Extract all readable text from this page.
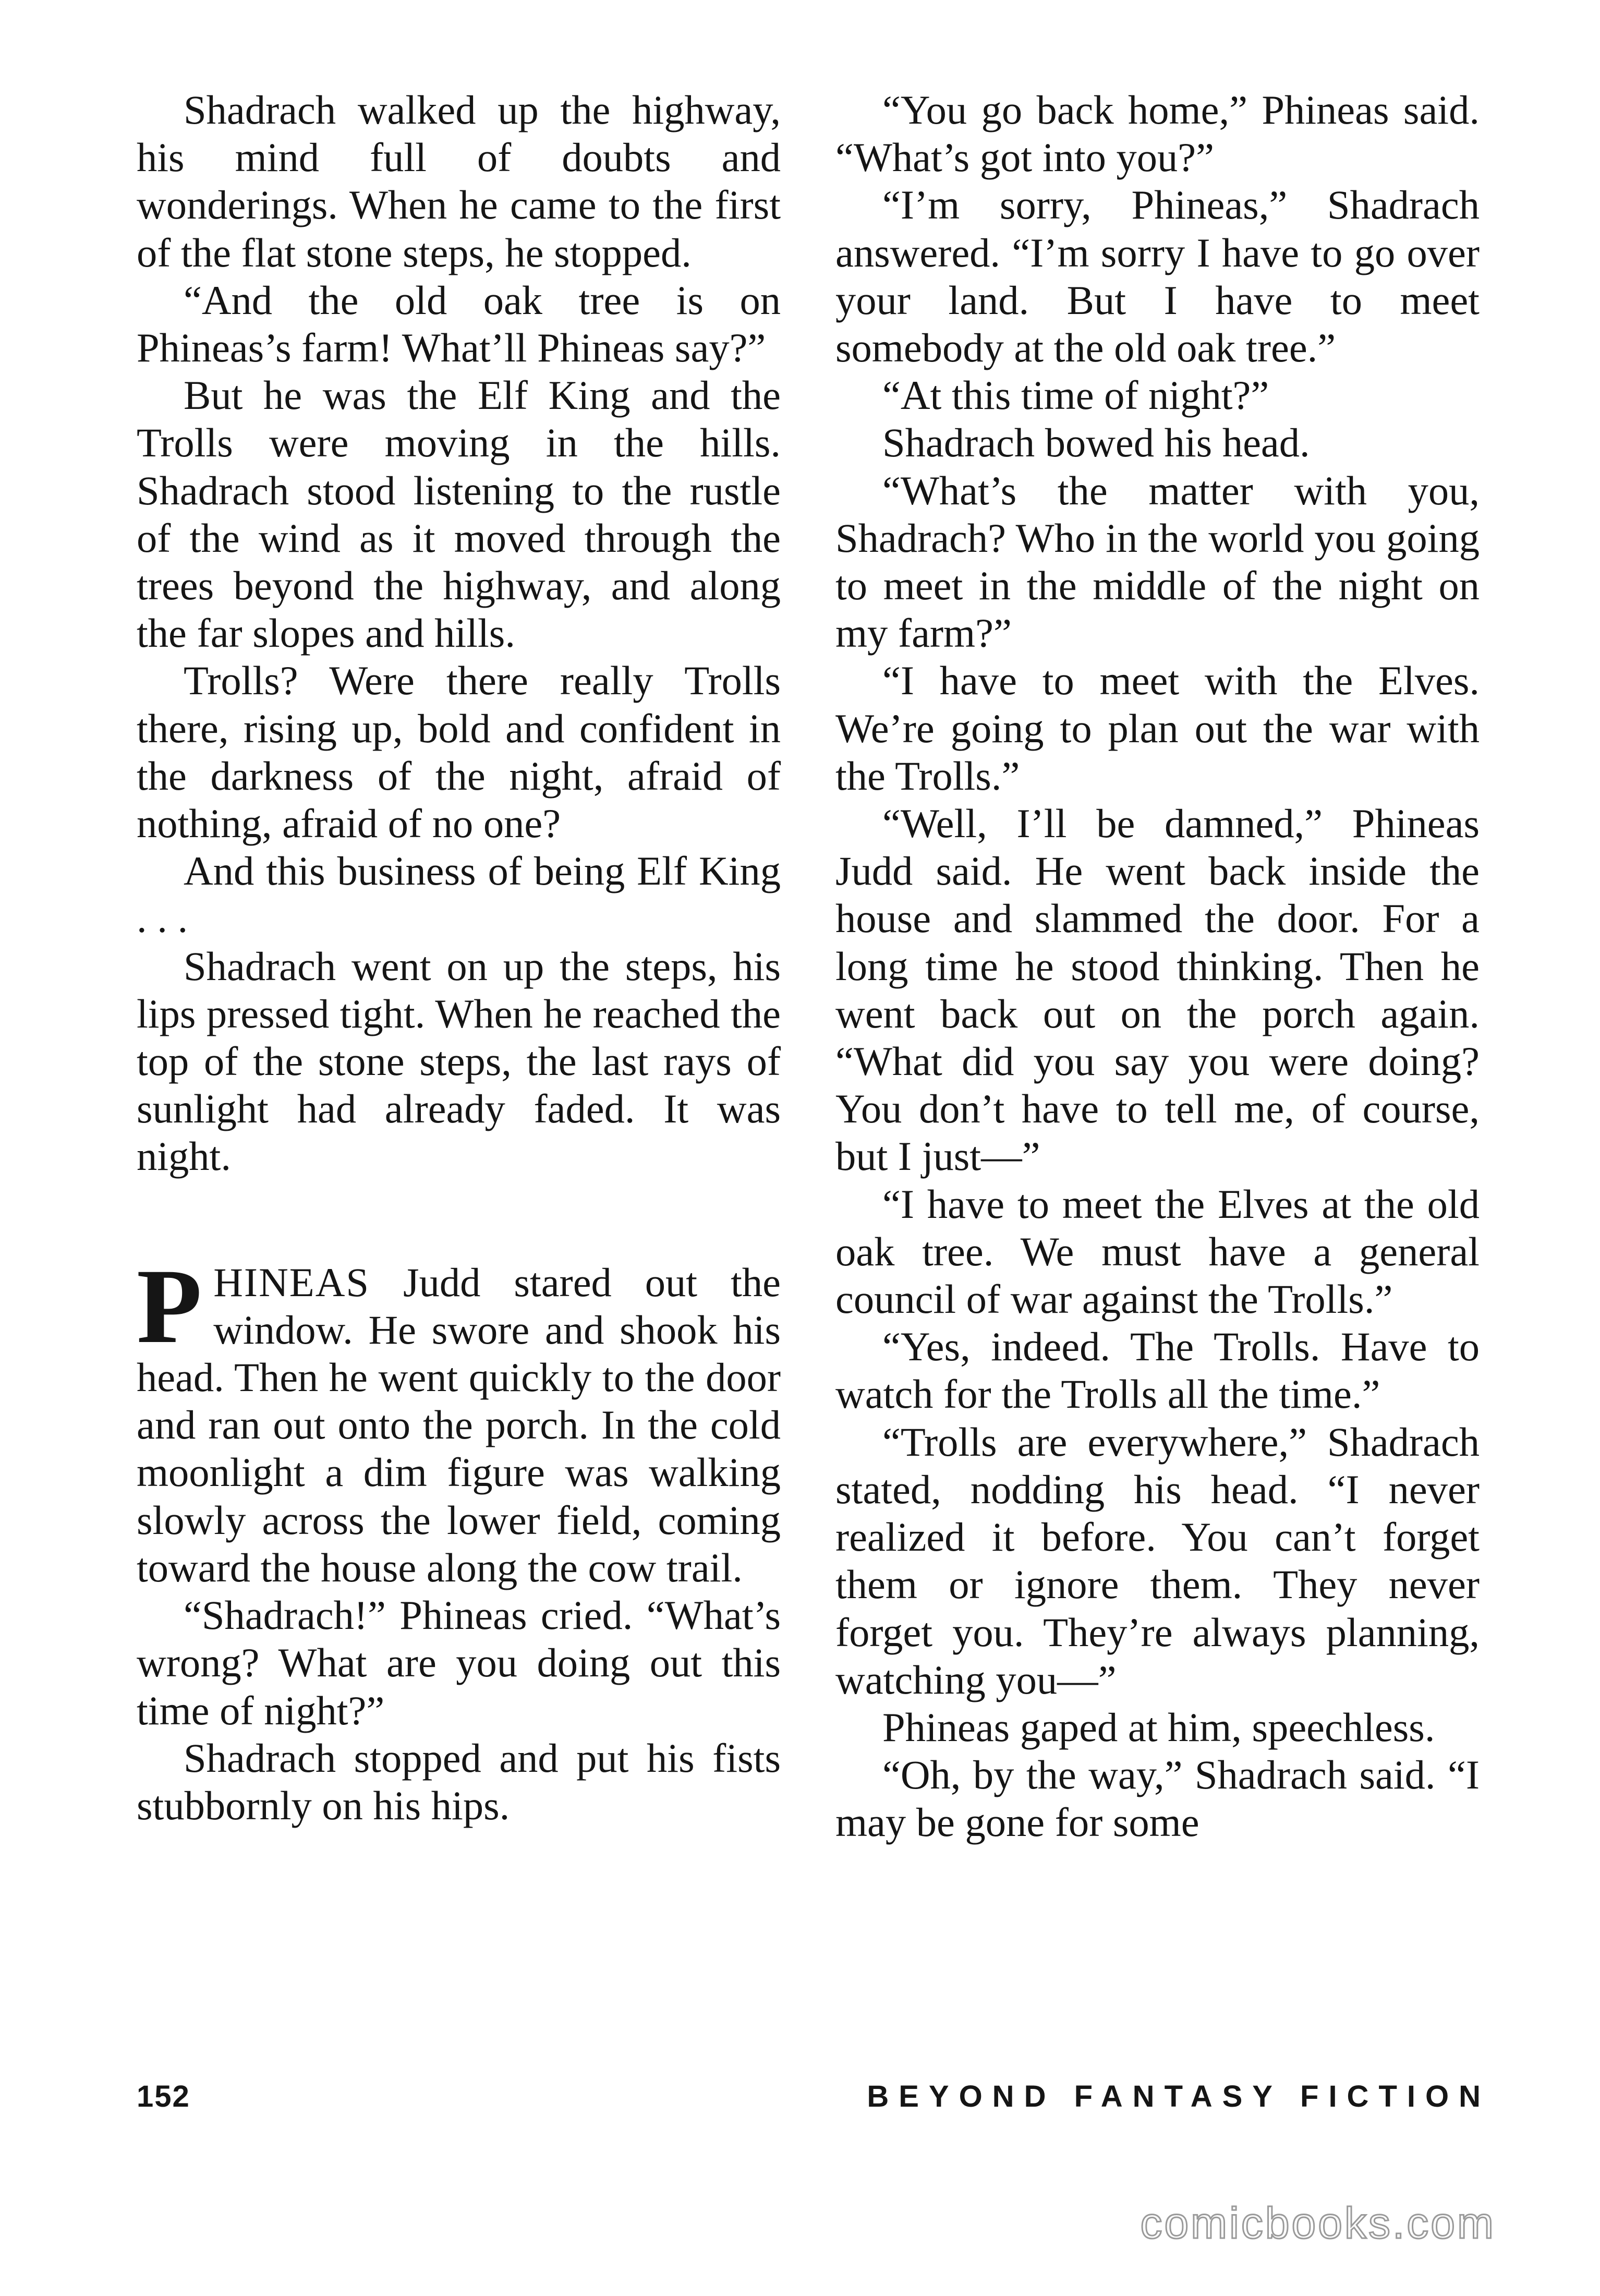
Shadrach walked up the highway, his mind full of doubts and wonderings. When he came to the first of the flat stone steps, he stopped.

“And the old oak tree is on Phineas’s farm! What’ll Phineas say?”

But he was the Elf King and the Trolls were moving in the hills. Shadrach stood listening to the rustle of the wind as it moved through the trees beyond the highway, and along the far slopes and hills.

Trolls? Were there really Trolls there, rising up, bold and confident in the darkness of the night, afraid of nothing, afraid of no one?

And this business of being Elf King . . .

Shadrach went on up the steps, his lips pressed tight. When he reached the top of the stone steps, the last rays of sunlight had already faded. It was night.

PHINEAS Judd stared out the window. He swore and shook his head. Then he went quickly to the door and ran out onto the porch. In the cold moonlight a dim figure was walking slowly across the lower field, coming toward the house along the cow trail.

“Shadrach!” Phineas cried. “What’s wrong? What are you doing out this time of night?”

Shadrach stopped and put his fists stubbornly on his hips.

“You go back home,” Phineas said. “What’s got into you?”

“I’m sorry, Phineas,” Shadrach answered. “I’m sorry I have to go over your land. But I have to meet somebody at the old oak tree.”

“At this time of night?”

Shadrach bowed his head.

“What’s the matter with you, Shadrach? Who in the world you going to meet in the middle of the night on my farm?”

“I have to meet with the Elves. We’re going to plan out the war with the Trolls.”

“Well, I’ll be damned,” Phineas Judd said. He went back inside the house and slammed the door. For a long time he stood thinking. Then he went back out on the porch again. “What did you say you were doing? You don’t have to tell me, of course, but I just—”

“I have to meet the Elves at the old oak tree. We must have a general council of war against the Trolls.”

“Yes, indeed. The Trolls. Have to watch for the Trolls all the time.”

“Trolls are everywhere,” Shadrach stated, nodding his head. “I never realized it before. You can’t forget them or ignore them. They never forget you. They’re always planning, watching you—”

Phineas gaped at him, speechless.

“Oh, by the way,” Shadrach said. “I may be gone for some

152	BEYOND FANTASY FICTION
comicbooks.com
